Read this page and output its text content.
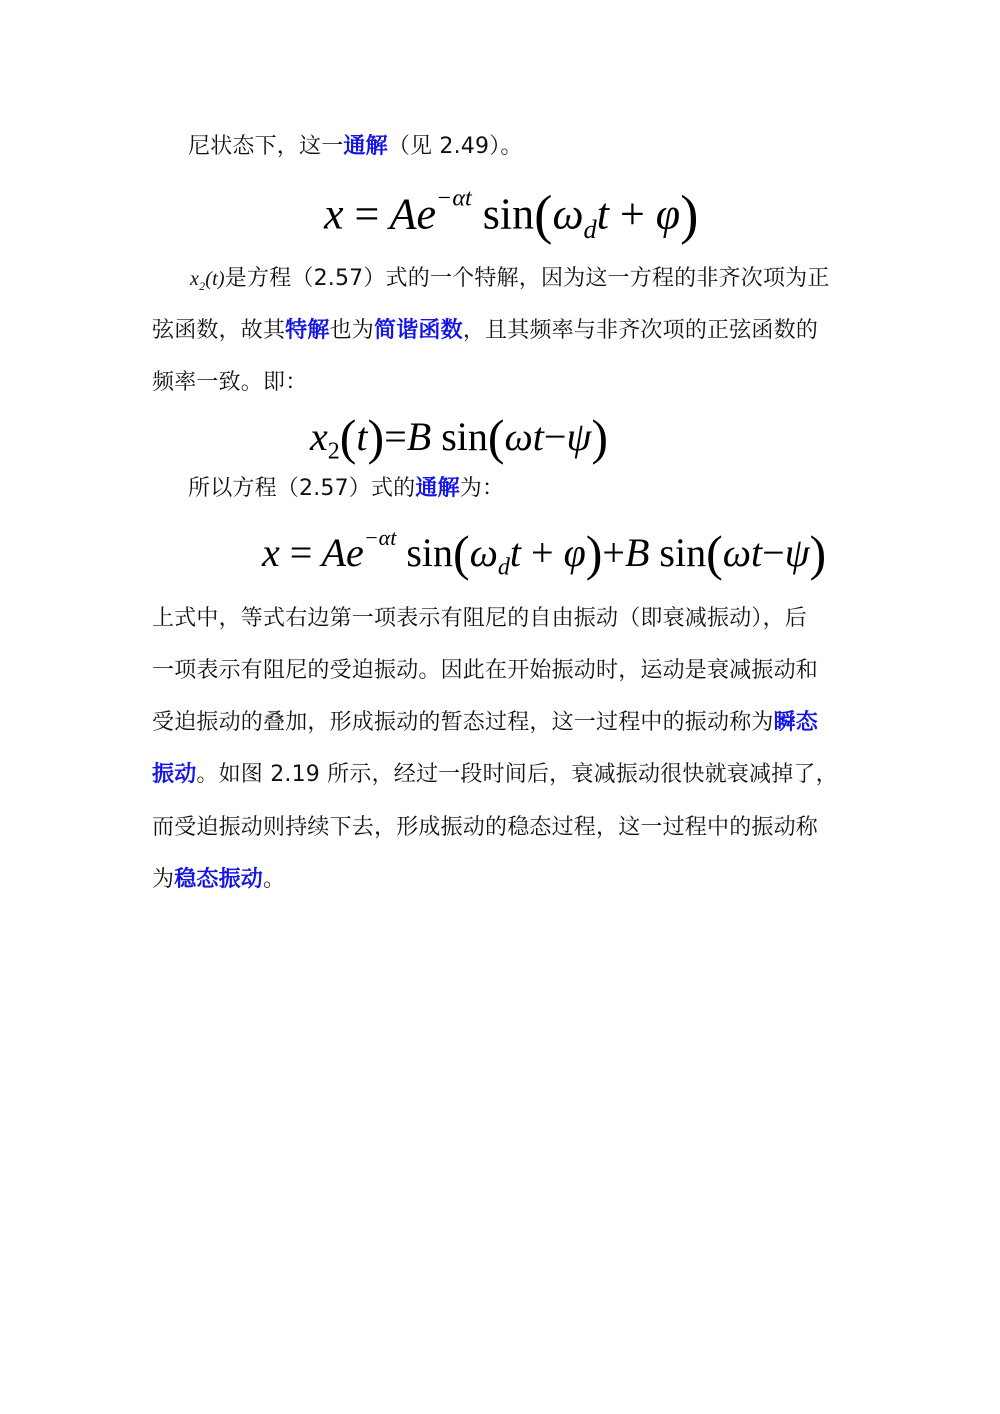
尼状态下，这一通解（见 2.49）。
$x = Ae^{-\alpha t}$ $\sin(\omega_dt + \varphi)$
$x_2(t)$是方程（2.57）式的一个特解，因为这一方程的非齐次项为正
弦函数，故其特解也为简谐函数，且其频率与非齐次项的正弦函数的
频率一致。即：
$x_2(t)=B$ sin(ωt−ψ)
所以方程（2.57）式的通解为：
$x = Ae^{-\alpha t}$ $\sin(\omega_dt + \varphi)+B$ sin(ωt−ψ)
上式中，等式右边第一项表示有阻尼的自由振动（即衰减振动），后
一项表示有阻尼的受迫振动。因此在开始振动时，运动是衰减振动和
受迫振动的叠加，形成振动的暂态过程，这一过程中的振动称为瞬态
振动。如图 2.19 所示，经过一段时间后，衰减振动很快就衰减掉了，
而受迫振动则持续下去，形成振动的稳态过程，这一过程中的振动称
为稳态振动。
